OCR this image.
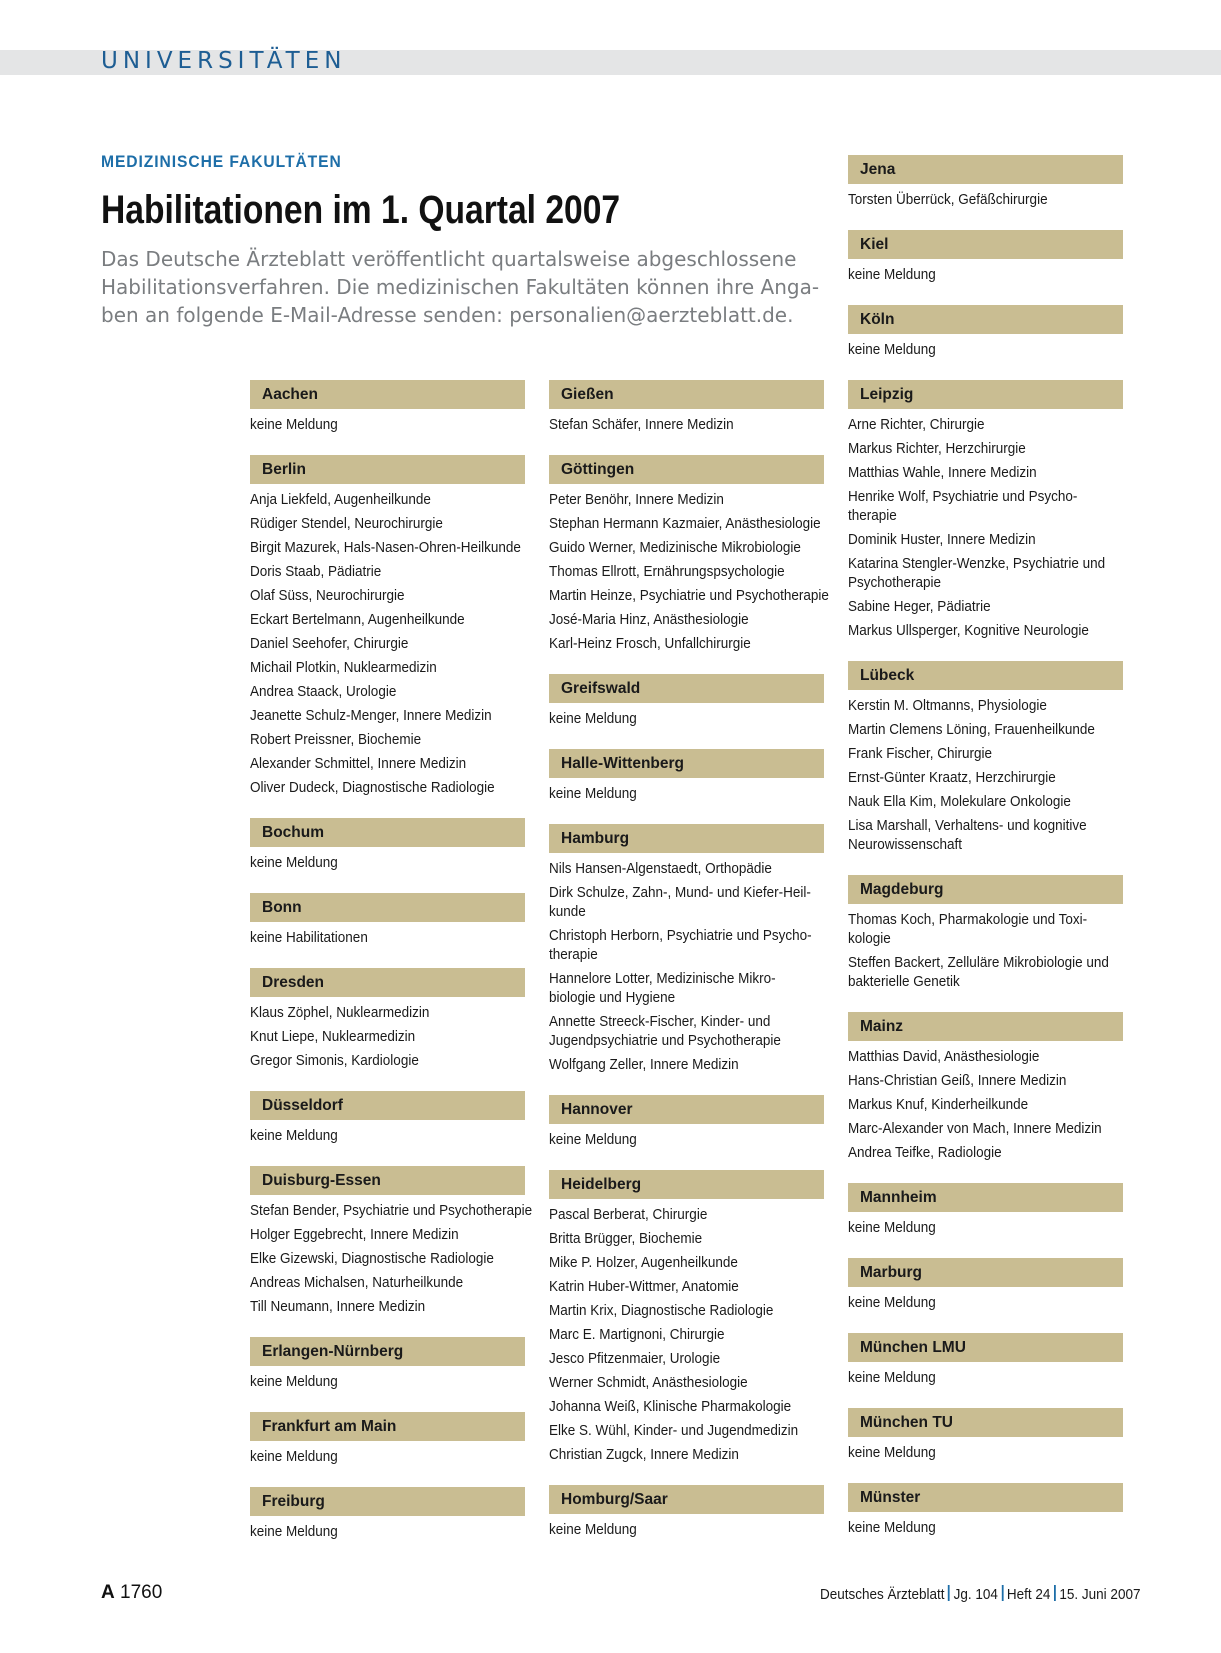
UNIVERSITÄTEN
MEDIZINISCHE FAKULTÄTEN
Habilitationen im 1. Quartal 2007
Das Deutsche Ärzteblatt veröffentlicht quartalsweise abgeschlossene
Habilitationsverfahren. Die medizinischen Fakultäten können ihre Anga-
ben an folgende E-Mail-Adresse senden: personalien@aerzteblatt.de.
Aachen
keine Meldung
Berlin
Anja Liekfeld, Augenheilkunde
Rüdiger Stendel, Neurochirurgie
Birgit Mazurek, Hals-Nasen-Ohren-Heilkunde
Doris Staab, Pädiatrie
Olaf Süss, Neurochirurgie
Eckart Bertelmann, Augenheilkunde
Daniel Seehofer, Chirurgie
Michail Plotkin, Nuklearmedizin
Andrea Staack, Urologie
Jeanette Schulz-Menger, Innere Medizin
Robert Preissner, Biochemie
Alexander Schmittel, Innere Medizin
Oliver Dudeck, Diagnostische Radiologie
Bochum
keine Meldung
Bonn
keine Habilitationen
Dresden
Klaus Zöphel, Nuklearmedizin
Knut Liepe, Nuklearmedizin
Gregor Simonis, Kardiologie
Düsseldorf
keine Meldung
Duisburg-Essen
Stefan Bender, Psychiatrie und Psychotherapie
Holger Eggebrecht, Innere Medizin
Elke Gizewski, Diagnostische Radiologie
Andreas Michalsen, Naturheilkunde
Till Neumann, Innere Medizin
Erlangen-Nürnberg
keine Meldung
Frankfurt am Main
keine Meldung
Freiburg
keine Meldung
Gießen
Stefan Schäfer, Innere Medizin
Göttingen
Peter Benöhr, Innere Medizin
Stephan Hermann Kazmaier, Anästhesiologie
Guido Werner, Medizinische Mikrobiologie
Thomas Ellrott, Ernährungspsychologie
Martin Heinze, Psychiatrie und Psychotherapie
José-Maria Hinz, Anästhesiologie
Karl-Heinz Frosch, Unfallchirurgie
Greifswald
keine Meldung
Halle-Wittenberg
keine Meldung
Hamburg
Nils Hansen-Algenstaedt, Orthopädie
Dirk Schulze, Zahn-, Mund- und Kiefer-Heil-
kunde
Christoph Herborn, Psychiatrie und Psycho-
therapie
Hannelore Lotter, Medizinische Mikro-
biologie und Hygiene
Annette Streeck-Fischer, Kinder- und
Jugendpsychiatrie und Psychotherapie
Wolfgang Zeller, Innere Medizin
Hannover
keine Meldung
Heidelberg
Pascal Berberat, Chirurgie
Britta Brügger, Biochemie
Mike P. Holzer, Augenheilkunde
Katrin Huber-Wittmer, Anatomie
Martin Krix, Diagnostische Radiologie
Marc E. Martignoni, Chirurgie
Jesco Pfitzenmaier, Urologie
Werner Schmidt, Anästhesiologie
Johanna Weiß, Klinische Pharmakologie
Elke S. Wühl, Kinder- und Jugendmedizin
Christian Zugck, Innere Medizin
Homburg/Saar
keine Meldung
Jena
Torsten Überrück, Gefäßchirurgie
Kiel
keine Meldung
Köln
keine Meldung
Leipzig
Arne Richter, Chirurgie
Markus Richter, Herzchirurgie
Matthias Wahle, Innere Medizin
Henrike Wolf, Psychiatrie und Psycho-
therapie
Dominik Huster, Innere Medizin
Katarina Stengler-Wenzke, Psychiatrie und
Psychotherapie
Sabine Heger, Pädiatrie
Markus Ullsperger, Kognitive Neurologie
Lübeck
Kerstin M. Oltmanns, Physiologie
Martin Clemens Löning, Frauenheilkunde
Frank Fischer, Chirurgie
Ernst-Günter Kraatz, Herzchirurgie
Nauk Ella Kim, Molekulare Onkologie
Lisa Marshall, Verhaltens- und kognitive
Neurowissenschaft
Magdeburg
Thomas Koch, Pharmakologie und Toxi-
kologie
Steffen Backert, Zelluläre Mikrobiologie und
bakterielle Genetik
Mainz
Matthias David, Anästhesiologie
Hans-Christian Geiß, Innere Medizin
Markus Knuf, Kinderheilkunde
Marc-Alexander von Mach, Innere Medizin
Andrea Teifke, Radiologie
Mannheim
keine Meldung
Marburg
keine Meldung
München LMU
keine Meldung
München TU
keine Meldung
Münster
keine Meldung
A 1760	Deutsches Ärzteblatt Jg. 104 Heft 24 15. Juni 2007
